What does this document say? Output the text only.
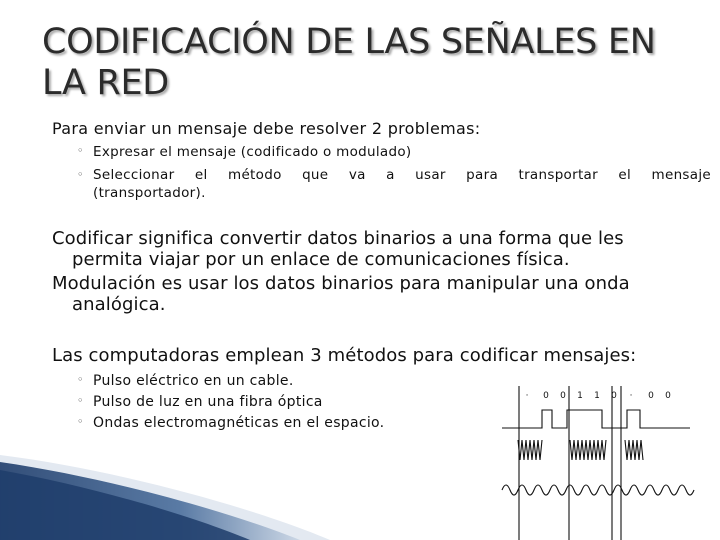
CODIFICACIÓN DE LAS SEÑALES EN
LA RED

Para enviar un mensaje debe resolver 2 problemas:

◦ Expresar el mensaje (codificado o modulado)
◦ Seleccionar el método que va a usar para transportar el mensaje
(transportador).

Codificar significa convertir datos binarios a una forma que les
permita viajar por un enlace de comunicaciones física.

Modulación es usar los datos binarios para manipular una onda
analógica.

Las computadoras emplean 3 métodos para codificar mensajes:

◦ Pulso eléctrico en un cable.
◦ Pulso de luz en una fibra óptica
◦ Ondas electromagnéticas en el espacio.
· 0 0 1 1 0 · 0 0
